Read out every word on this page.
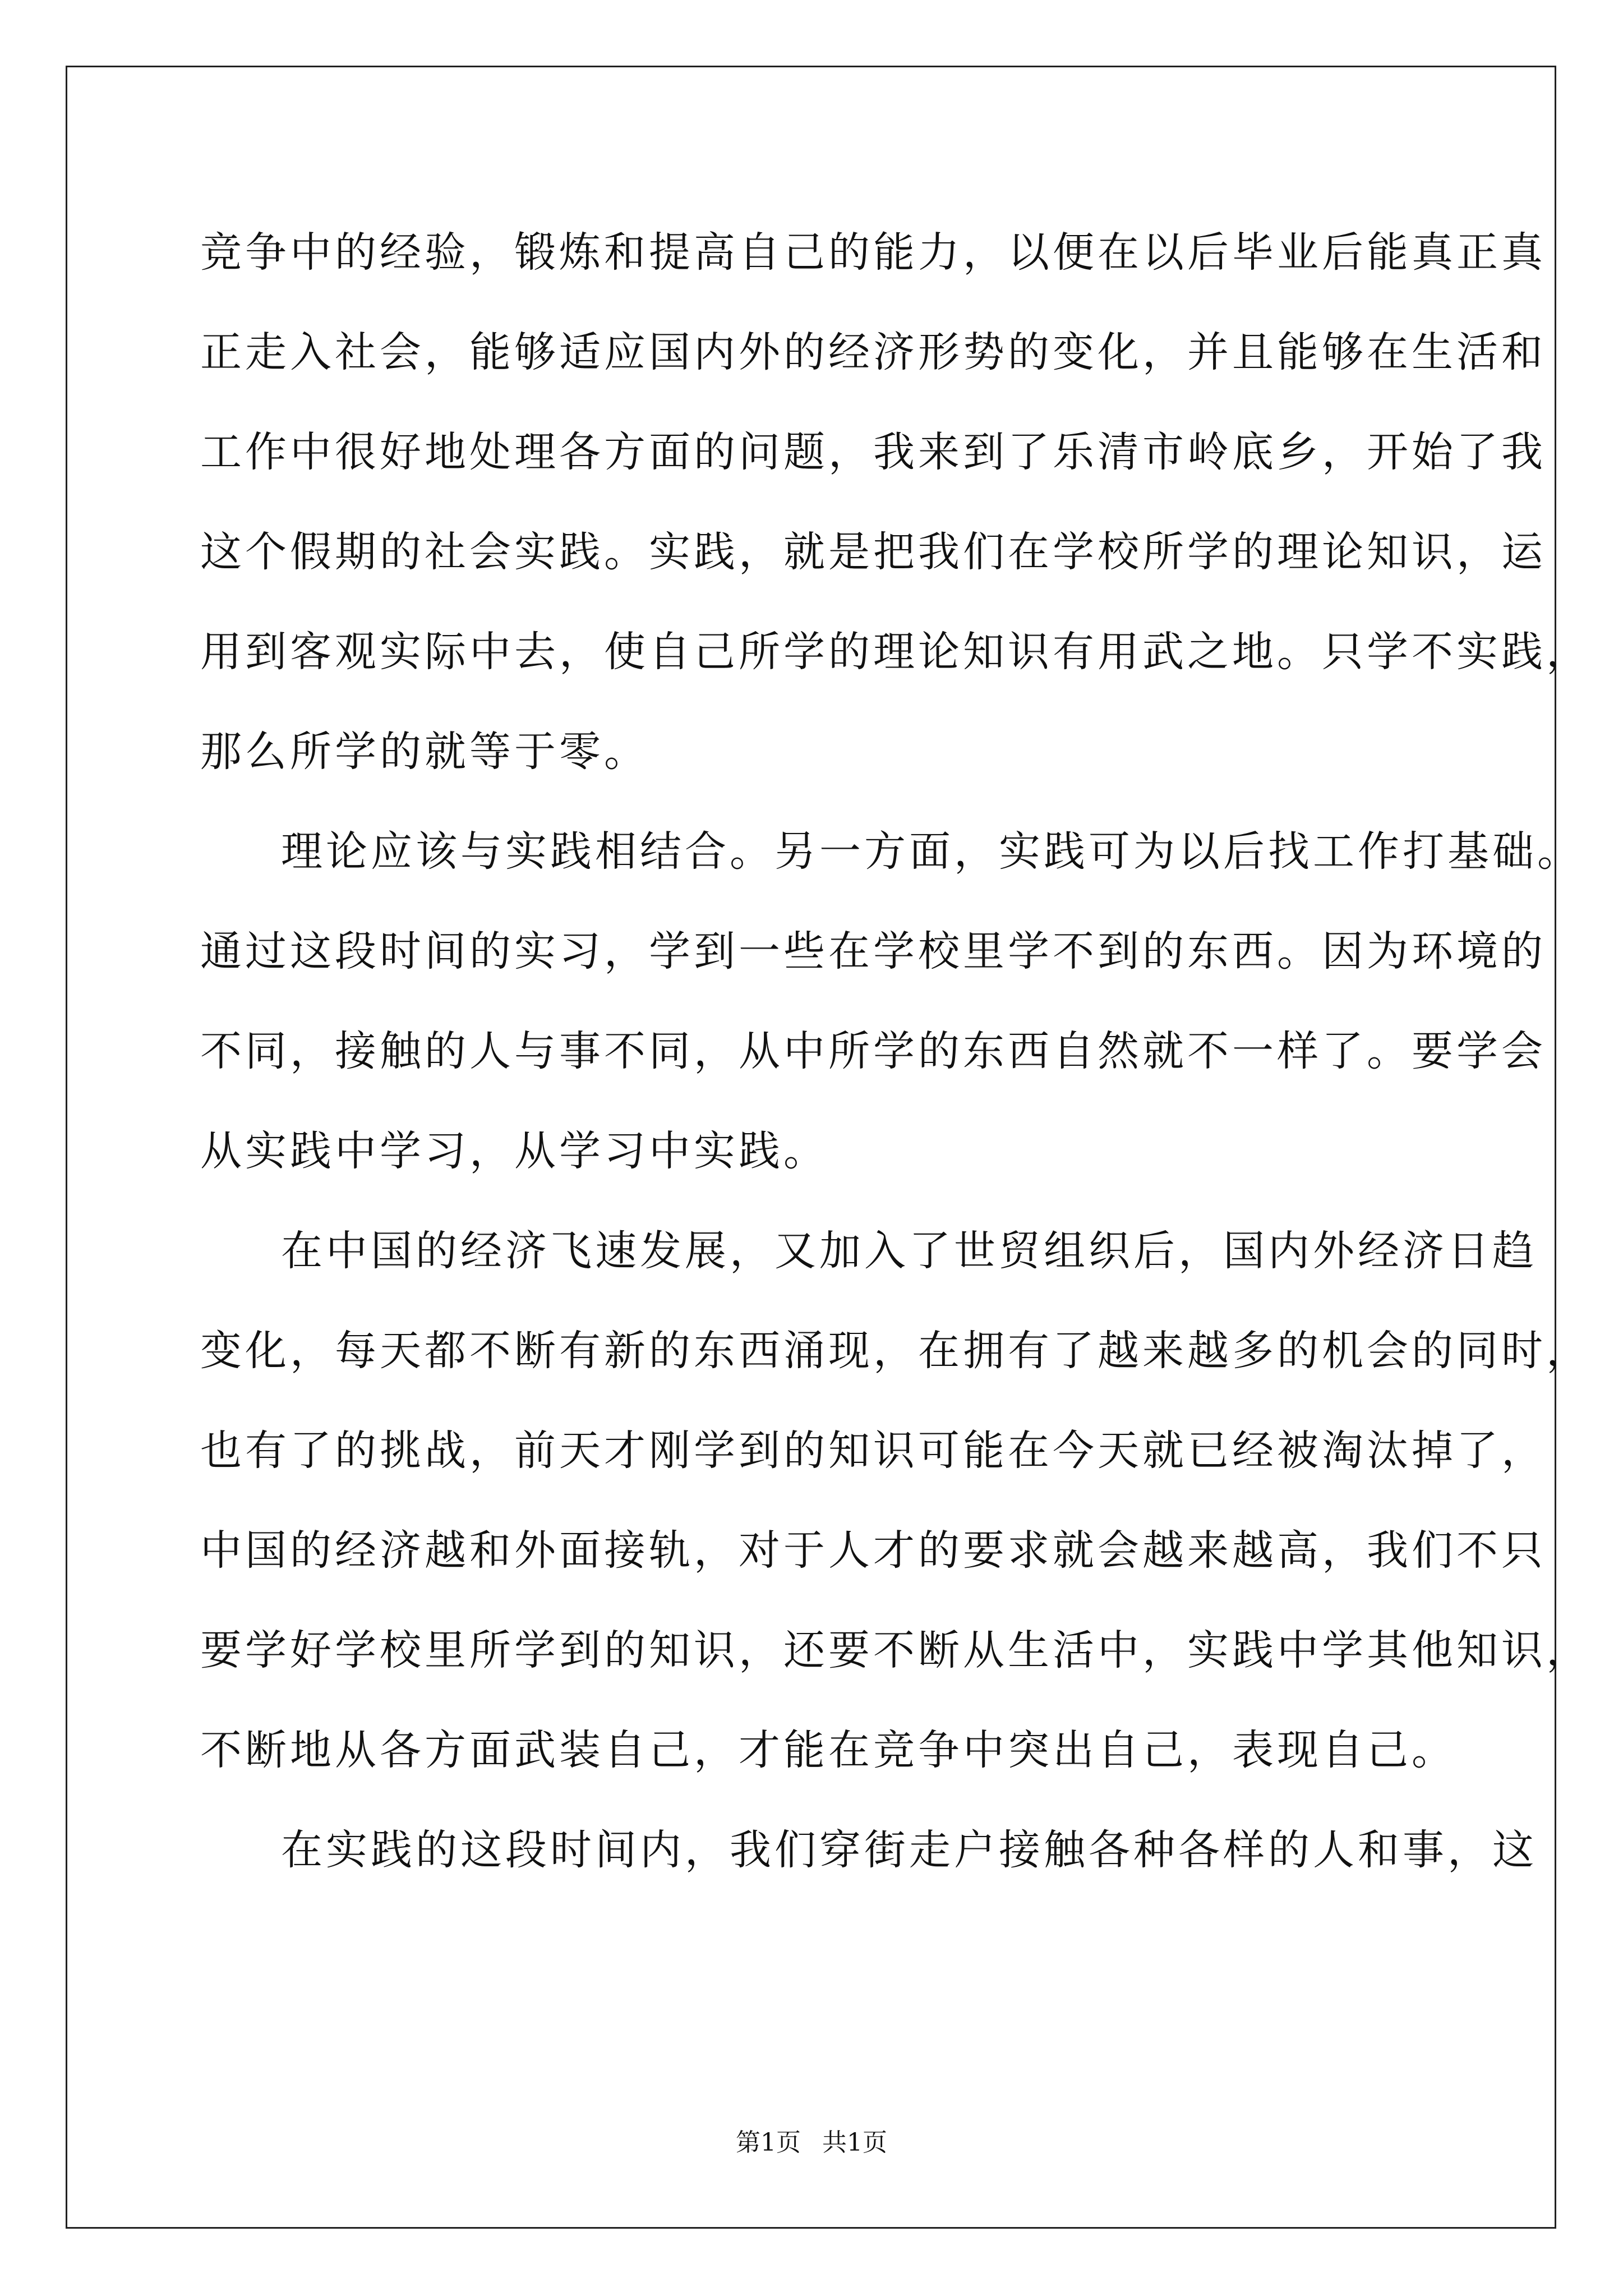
竞争中的经验，锻炼和提高自己的能力，以便在以后毕业后能真正真
正走入社会，能够适应国内外的经济形势的变化，并且能够在生活和
工作中很好地处理各方面的问题，我来到了乐清市岭底乡，开始了我
这个假期的社会实践。实践，就是把我们在学校所学的理论知识，运
用到客观实际中去，使自己所学的理论知识有用武之地。只学不实践，
那么所学的就等于零。
理论应该与实践相结合。另一方面，实践可为以后找工作打基础。
通过这段时间的实习，学到一些在学校里学不到的东西。因为环境的
不同，接触的人与事不同，从中所学的东西自然就不一样了。要学会
从实践中学习，从学习中实践。
在中国的经济飞速发展，又加入了世贸组织后，国内外经济日趋
变化，每天都不断有新的东西涌现，在拥有了越来越多的机会的同时，
也有了的挑战，前天才刚学到的知识可能在今天就已经被淘汰掉了，
中国的经济越和外面接轨，对于人才的要求就会越来越高，我们不只
要学好学校里所学到的知识，还要不断从生活中，实践中学其他知识，
不断地从各方面武装自己，才能在竞争中突出自己，表现自己。
在实践的这段时间内，我们穿街走户接触各种各样的人和事，这
第1页 共1页
